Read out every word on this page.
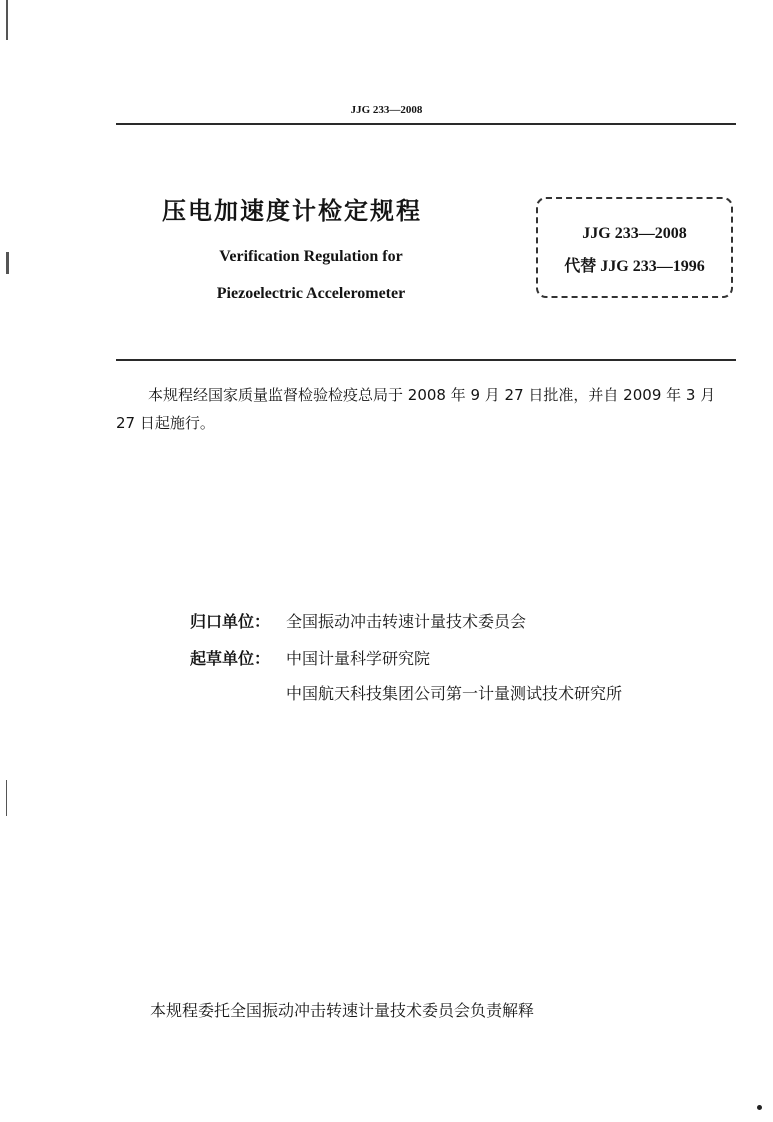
JJG 233—2008
压电加速度计检定规程
Verification Regulation for
Piezoelectric Accelerometer
JJG 233—2008
代替 JJG 233—1996
本规程经国家质量监督检验检疫总局于 2008 年 9 月 27 日批准，并自 2009 年 3 月 27 日起施行。
归口单位： 全国振动冲击转速计量技术委员会
起草单位： 中国计量科学研究院
中国航天科技集团公司第一计量测试技术研究所
本规程委托全国振动冲击转速计量技术委员会负责解释
